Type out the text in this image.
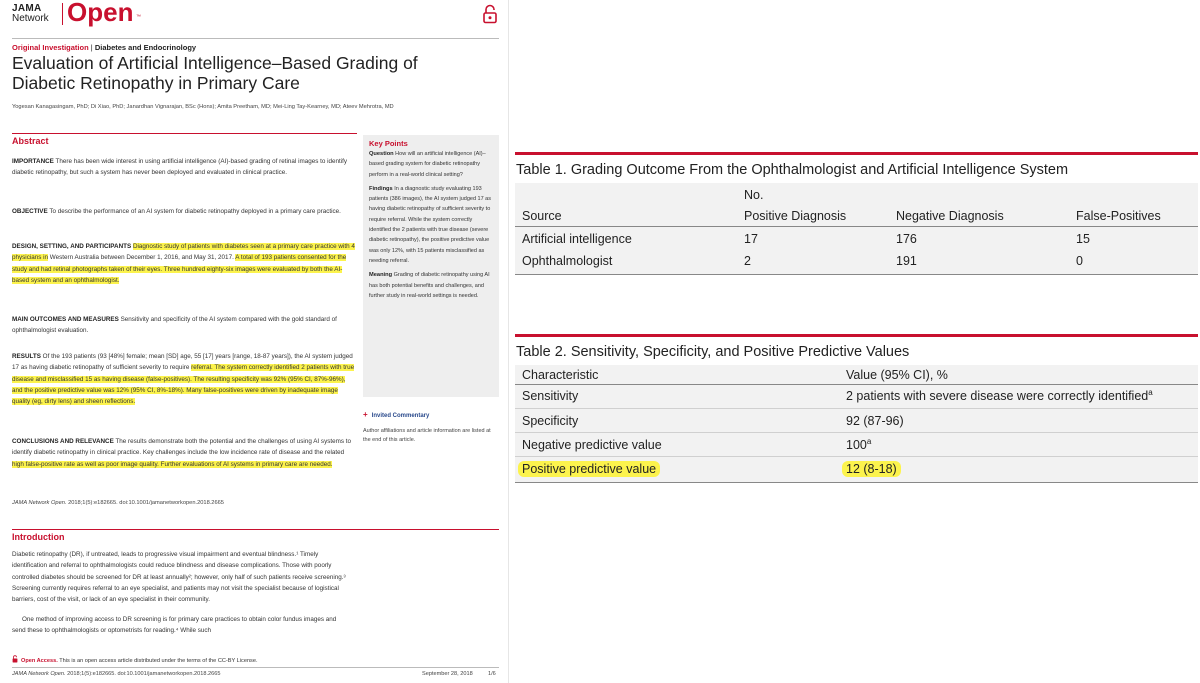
JAMA
Network Open ™
Original Investigation | Diabetes and Endocrinology
Evaluation of Artificial Intelligence–Based Grading of Diabetic Retinopathy in Primary Care
Yogesan Kanagasingam, PhD; Di Xiao, PhD; Janardhan Vignarajan, BSc (Hons); Amita Preetham, MD; Mei-Ling Tay-Kearney, MD; Ateev Mehrotra, MD
Abstract

IMPORTANCE There has been wide interest in using artificial intelligence (AI)-based grading of retinal images to identify diabetic retinopathy, but such a system has never been deployed and evaluated in clinical practice.

OBJECTIVE To describe the performance of an AI system for diabetic retinopathy deployed in a primary care practice.

DESIGN, SETTING, AND PARTICIPANTS Diagnostic study of patients with diabetes seen at a primary care practice with 4 physicians in Western Australia between December 1, 2016, and May 31, 2017. A total of 193 patients consented for the study and had retinal photographs taken of their eyes. Three hundred eighty-six images were evaluated by both the AI-based system and an ophthalmologist.

MAIN OUTCOMES AND MEASURES Sensitivity and specificity of the AI system compared with the gold standard of ophthalmologist evaluation.

RESULTS Of the 193 patients (93 [48%] female; mean [SD] age, 55 [17] years [range, 18-87 years]), the AI system judged 17 as having diabetic retinopathy of sufficient severity to require referral. The system correctly identified 2 patients with true disease and misclassified 15 as having disease (false-positives). The resulting specificity was 92% (95% CI, 87%-96%), and the positive predictive value was 12% (95% CI, 8%-18%). Many false-positives were driven by inadequate image quality (eg, dirty lens) and sheen reflections.

CONCLUSIONS AND RELEVANCE The results demonstrate both the potential and the challenges of using AI systems to identify diabetic retinopathy in clinical practice. Key challenges include the low incidence rate of disease and the related high false-positive rate as well as poor image quality. Further evaluations of AI systems in primary care are needed.

JAMA Network Open. 2018;1(5):e182665. doi:10.1001/jamanetworkopen.2018.2665
Key Points

Question How will an artificial intelligence (AI)–based grading system for diabetic retinopathy perform in a real-world clinical setting?

Findings In a diagnostic study evaluating 193 patients (386 images), the AI system judged 17 as having diabetic retinopathy of sufficient severity to require referral. While the system correctly identified the 2 patients with true disease (severe diabetic retinopathy), the positive predictive value was only 12%, with 15 patients misclassified as needing referral.

Meaning Grading of diabetic retinopathy using AI has both potential benefits and challenges, and further study in real-world settings is needed.

+ Invited Commentary

Author affiliations and article information are listed at the end of this article.

Introduction

Diabetic retinopathy (DR), if untreated, leads to progressive visual impairment and eventual blindness.¹ Timely identification and referral to ophthalmologists could reduce blindness and disease complications. Those with poorly controlled diabetes should be screened for DR at least annually²; however, only half of such patients receive screening.³ Screening currently requires referral to an eye specialist, and patients may not visit the specialist because of logistical barriers, cost of the visit, or lack of an eye specialist in their community.

One method of improving access to DR screening is for primary care practices to obtain color fundus images and send these to ophthalmologists or optometrists for reading.⁴ While such

Open Access. This is an open access article distributed under the terms of the CC-BY License.
JAMA Network Open. 2018;1(5):e182665. doi:10.1001/jamanetworkopen.2018.2665	September 28, 2018	1/6
Table 1. Grading Outcome From the Ophthalmologist and Artificial Intelligence System
No.
Source	Positive Diagnosis	Negative Diagnosis	False-Positives
Artificial intelligence	17	176	15
Ophthalmologist	2	191	0
Table 2. Sensitivity, Specificity, and Positive Predictive Values
Characteristic	Value (95% CI), %
Sensitivity	2 patients with severe disease were correctly identified$^a$
Specificity	92 (87-96)
Negative predictive value	100$^a$
Positive predictive value	12 (8-18)
